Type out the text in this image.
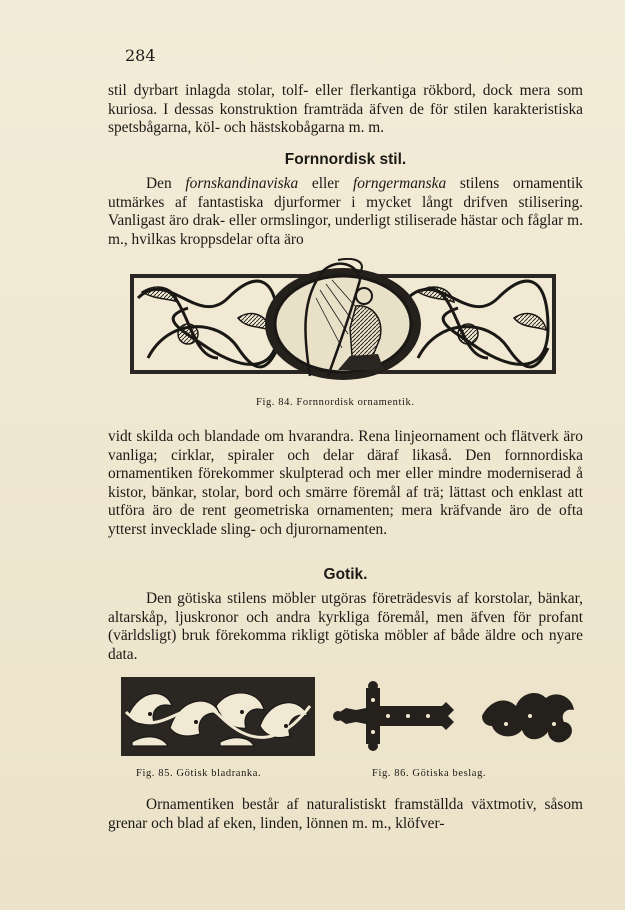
284

stil dyrbart inlagda stolar, tolf- eller flerkantiga rökbord, dock mera som kuriosa. I dessas konstruktion framträda äfven de för stilen karakteristiska spetsbågarna, köl- och hästskobågarna m. m.

Fornnordisk stil.

Den fornskandinaviska eller forngermanska stilens ornamentik utmärkes af fantastiska djurformer i mycket långt drifven stilisering. Vanligast äro drak- eller ormslingor, underligt stiliserade hästar och fåglar m. m., hvilkas kroppsdelar ofta äro

Fig. 84. Fornnordisk ornamentik.

vidt skilda och blandade om hvarandra. Rena linjeornament och flätverk äro vanliga; cirklar, spiraler och delar däraf likaså. Den fornnordiska ornamentiken förekommer skulpterad och mer eller mindre moderniserad å kistor, bänkar, stolar, bord och smärre föremål af trä; lättast och enklast att utföra äro de rent geometriska ornamenten; mera kräfvande äro de ofta ytterst invecklade sling- och djurornamenten.

Gotik.

Den götiska stilens möbler utgöras företrädesvis af korstolar, bänkar, altarskåp, ljuskronor och andra kyrkliga föremål, men äfven för profant (världsligt) bruk förekomma rikligt götiska möbler af både äldre och nyare data.

Fig. 85. Götisk bladranka.	Fig. 86. Götiska beslag.

Ornamentiken består af naturalistiskt framställda växtmotiv, såsom grenar och blad af eken, linden, lönnen m. m., klöfver-
